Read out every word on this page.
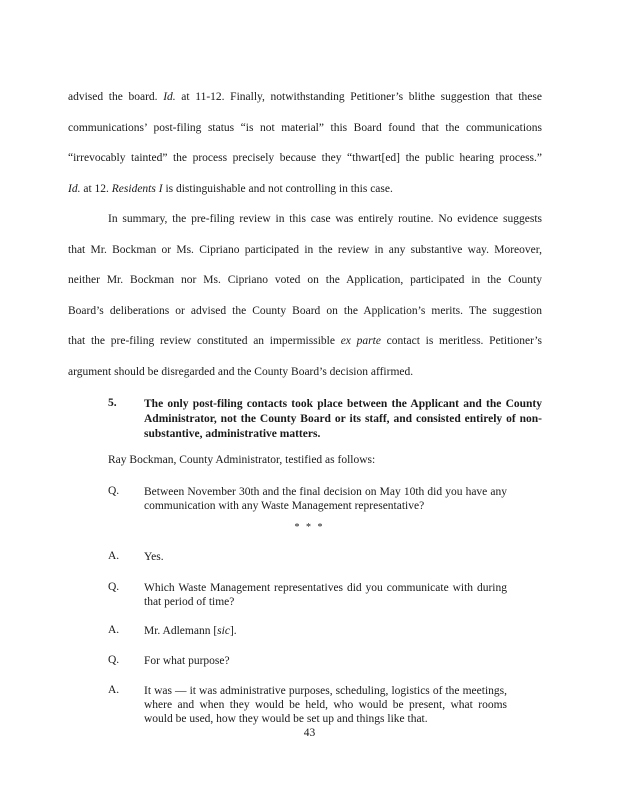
advised the board. Id. at 11-12. Finally, notwithstanding Petitioner’s blithe suggestion that these
communications’ post-filing status “is not material” this Board found that the communications
“irrevocably tainted” the process precisely because they “thwart[ed] the public hearing process.”
Id. at 12. Residents I is distinguishable and not controlling in this case.
In summary, the pre-filing review in this case was entirely routine. No evidence suggests
that Mr. Bockman or Ms. Cipriano participated in the review in any substantive way. Moreover,
neither Mr. Bockman nor Ms. Cipriano voted on the Application, participated in the County
Board’s deliberations or advised the County Board on the Application’s merits. The suggestion
that the pre-filing review constituted an impermissible ex parte contact is meritless. Petitioner’s
argument should be disregarded and the County Board’s decision affirmed.
5. The only post-filing contacts took place between the Applicant and the County Administrator, not the County Board or its staff, and consisted entirely of non-substantive, administrative matters.
Ray Bockman, County Administrator, testified as follows:
Q. Between November 30th and the final decision on May 10th did you have any communication with any Waste Management representative?
* * *
A. Yes.
Q. Which Waste Management representatives did you communicate with during that period of time?
A. Mr. Adlemann [sic].
Q. For what purpose?
A. It was — it was administrative purposes, scheduling, logistics of the meetings, where and when they would be held, who would be present, what rooms would be used, how they would be set up and things like that.
43
